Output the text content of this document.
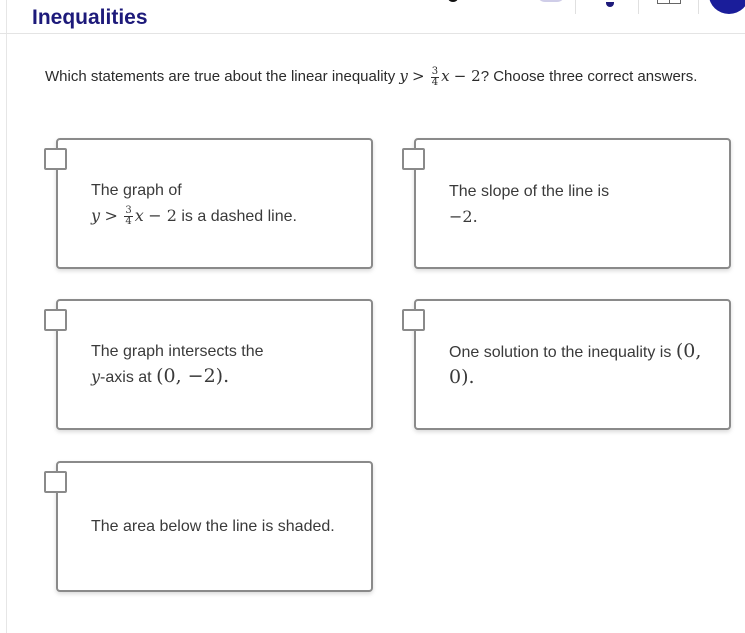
Inequalities
Which statements are true about the linear inequality $y > \frac{3}{4}$ x − 2? Choose three correct answers.
The graph of
$y > \frac{3}{4}$ x − 2 is a dashed line.
The slope of the line is
−2.
The graph intersects the
y-axis at (0, −2).
One solution to the inequality is (0, 0).
The area below the line is shaded.
